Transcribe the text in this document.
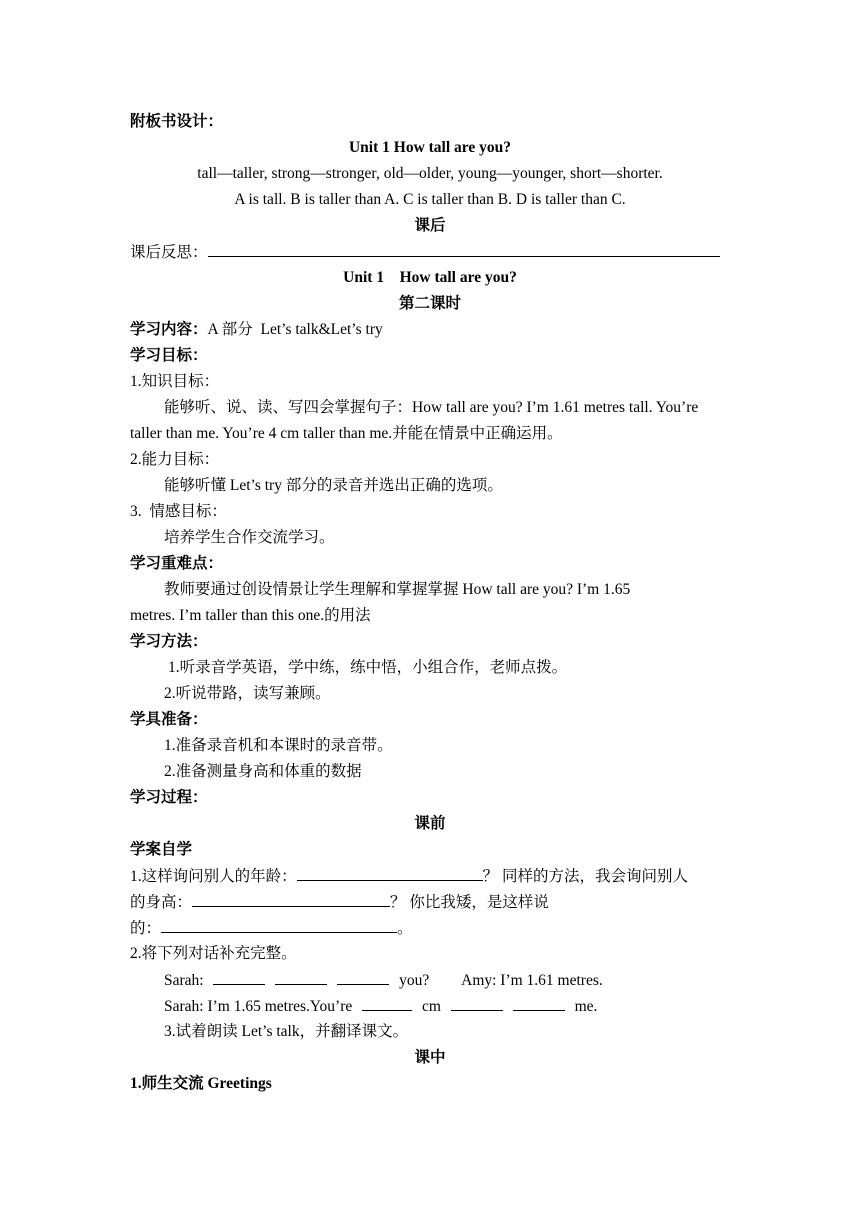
附板书设计：
Unit 1 How tall are you?
tall—taller, strong—stronger, old—older, young—younger, short—shorter.
A is tall. B is taller than A. C is taller than B. D is taller than C.
课后
课后反思：
Unit 1    How tall are you?
第二课时
学习内容：A 部分  Let’s talk&Let’s try
学习目标：
1.知识目标：
能够听、说、读、写四会掌握句子：How tall are you? I’m 1.61 metres tall. You’re
taller than me. You’re 4 cm taller than me.并能在情景中正确运用。
2.能力目标：
能够听懂 Let’s try 部分的录音并选出正确的选项。
3.  情感目标：
培养学生合作交流学习。
学习重难点：
教师要通过创设情景让学生理解和掌握掌握 How tall are you? I’m 1.65
metres. I’m taller than this one.的用法
学习方法：
1.听录音学英语，学中练，练中悟，小组合作，老师点拨。
2.听说带路，读写兼顾。
学具准备：
1.准备录音机和本课时的录音带。
2.准备测量身高和体重的数据
学习过程：
课前
学案自学
1.这样询问别人的年龄：	？ 同样的方法，我会询问别人
的身高：	？ 你比我矮，是这样说
的：	。
2.将下列对话补充完整。
Sarah:	you? Amy: I’m 1.61 metres.
Sarah: I’m 1.65 metres.You’re	cm	me.
3.试着朗读 Let’s talk，并翻译课文。
课中
1.师生交流 Greetings
